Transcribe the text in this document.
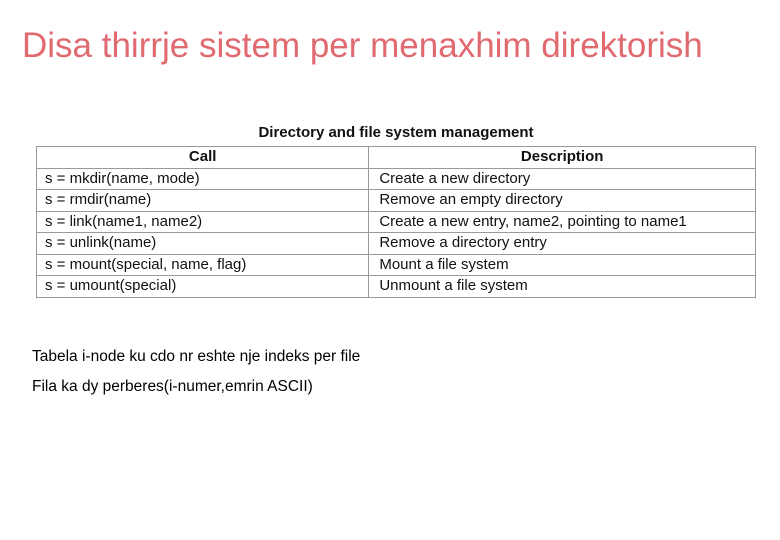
Disa thirrje sistem per menaxhim direktorish
Directory and file system management
Call	Description
s = mkdir(name, mode)	Create a new directory
s = rmdir(name)	Remove an empty directory
s = link(name1, name2)	Create a new entry, name2, pointing to name1
s = unlink(name)	Remove a directory entry
s = mount(special, name, flag)	Mount a file system
s = umount(special)	Unmount a file system
Tabela i-node ku cdo nr eshte nje indeks per file
Fila ka dy perberes(i-numer,emrin ASCII)
